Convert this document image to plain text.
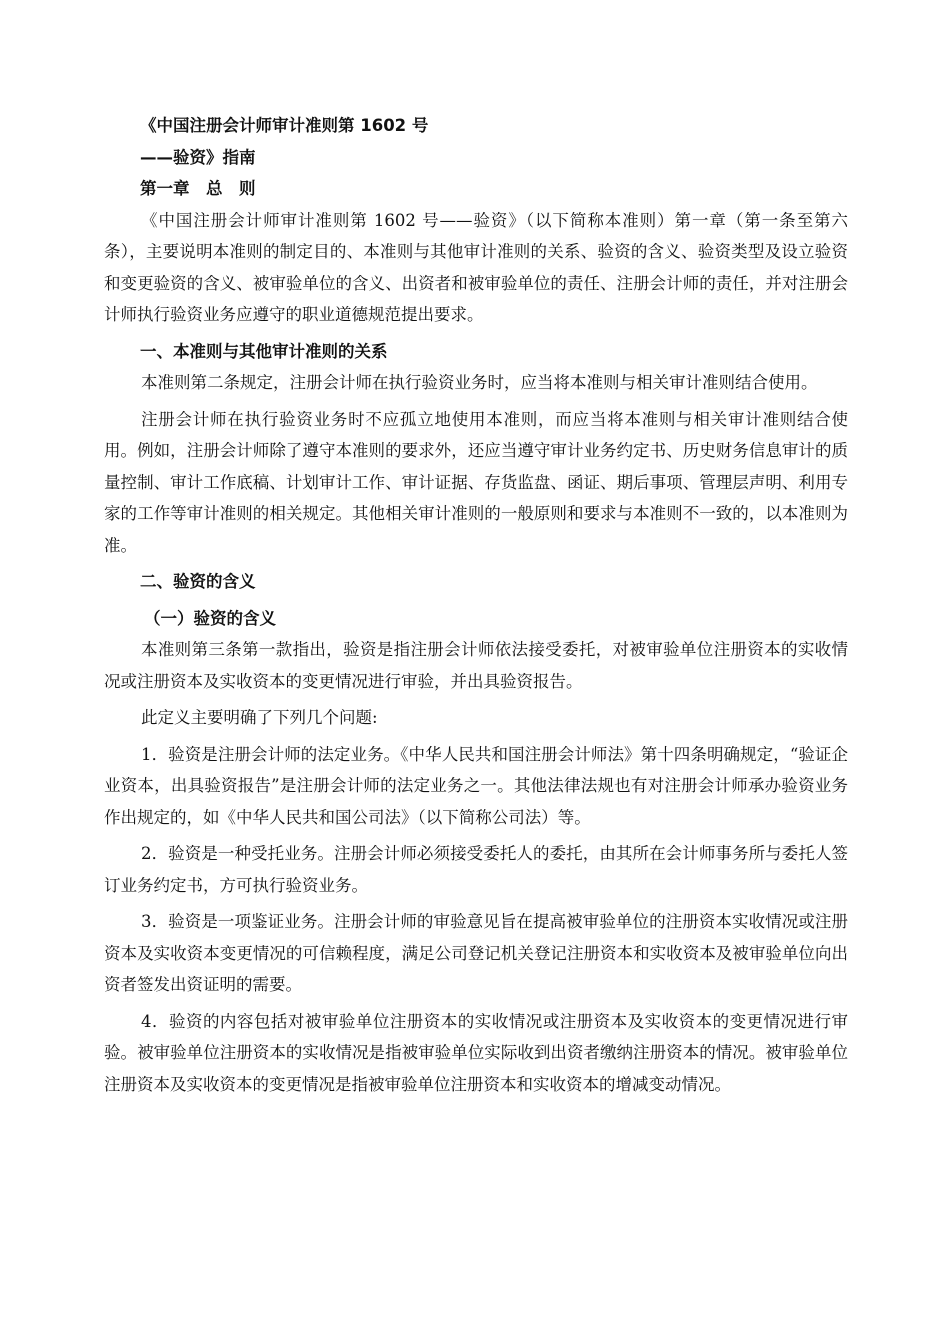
《中国注册会计师审计准则第 1602 号

——验资》指南

第一章　总　则

《中国注册会计师审计准则第 1602 号——验资》（以下简称本准则）第一章（第一条至第六条），主要说明本准则的制定目的、本准则与其他审计准则的关系、验资的含义、验资类型及设立验资和变更验资的含义、被审验单位的含义、出资者和被审验单位的责任、注册会计师的责任，并对注册会计师执行验资业务应遵守的职业道德规范提出要求。

一、本准则与其他审计准则的关系

本准则第二条规定，注册会计师在执行验资业务时，应当将本准则与相关审计准则结合使用。

注册会计师在执行验资业务时不应孤立地使用本准则，而应当将本准则与相关审计准则结合使用。例如，注册会计师除了遵守本准则的要求外，还应当遵守审计业务约定书、历史财务信息审计的质量控制、审计工作底稿、计划审计工作、审计证据、存货监盘、函证、期后事项、管理层声明、利用专家的工作等审计准则的相关规定。其他相关审计准则的一般原则和要求与本准则不一致的，以本准则为准。

二、验资的含义

（一）验资的含义

本准则第三条第一款指出，验资是指注册会计师依法接受委托，对被审验单位注册资本的实收情况或注册资本及实收资本的变更情况进行审验，并出具验资报告。

此定义主要明确了下列几个问题:

1．验资是注册会计师的法定业务。《中华人民共和国注册会计师法》第十四条明确规定，“验证企业资本，出具验资报告”是注册会计师的法定业务之一。其他法律法规也有对注册会计师承办验资业务作出规定的，如《中华人民共和国公司法》（以下简称公司法）等。

2．验资是一种受托业务。注册会计师必须接受委托人的委托，由其所在会计师事务所与委托人签订业务约定书，方可执行验资业务。

3．验资是一项鉴证业务。注册会计师的审验意见旨在提高被审验单位的注册资本实收情况或注册资本及实收资本变更情况的可信赖程度，满足公司登记机关登记注册资本和实收资本及被审验单位向出资者签发出资证明的需要。

4．验资的内容包括对被审验单位注册资本的实收情况或注册资本及实收资本的变更情况进行审验。被审验单位注册资本的实收情况是指被审验单位实际收到出资者缴纳注册资本的情况。被审验单位注册资本及实收资本的变更情况是指被审验单位注册资本和实收资本的增减变动情况。
